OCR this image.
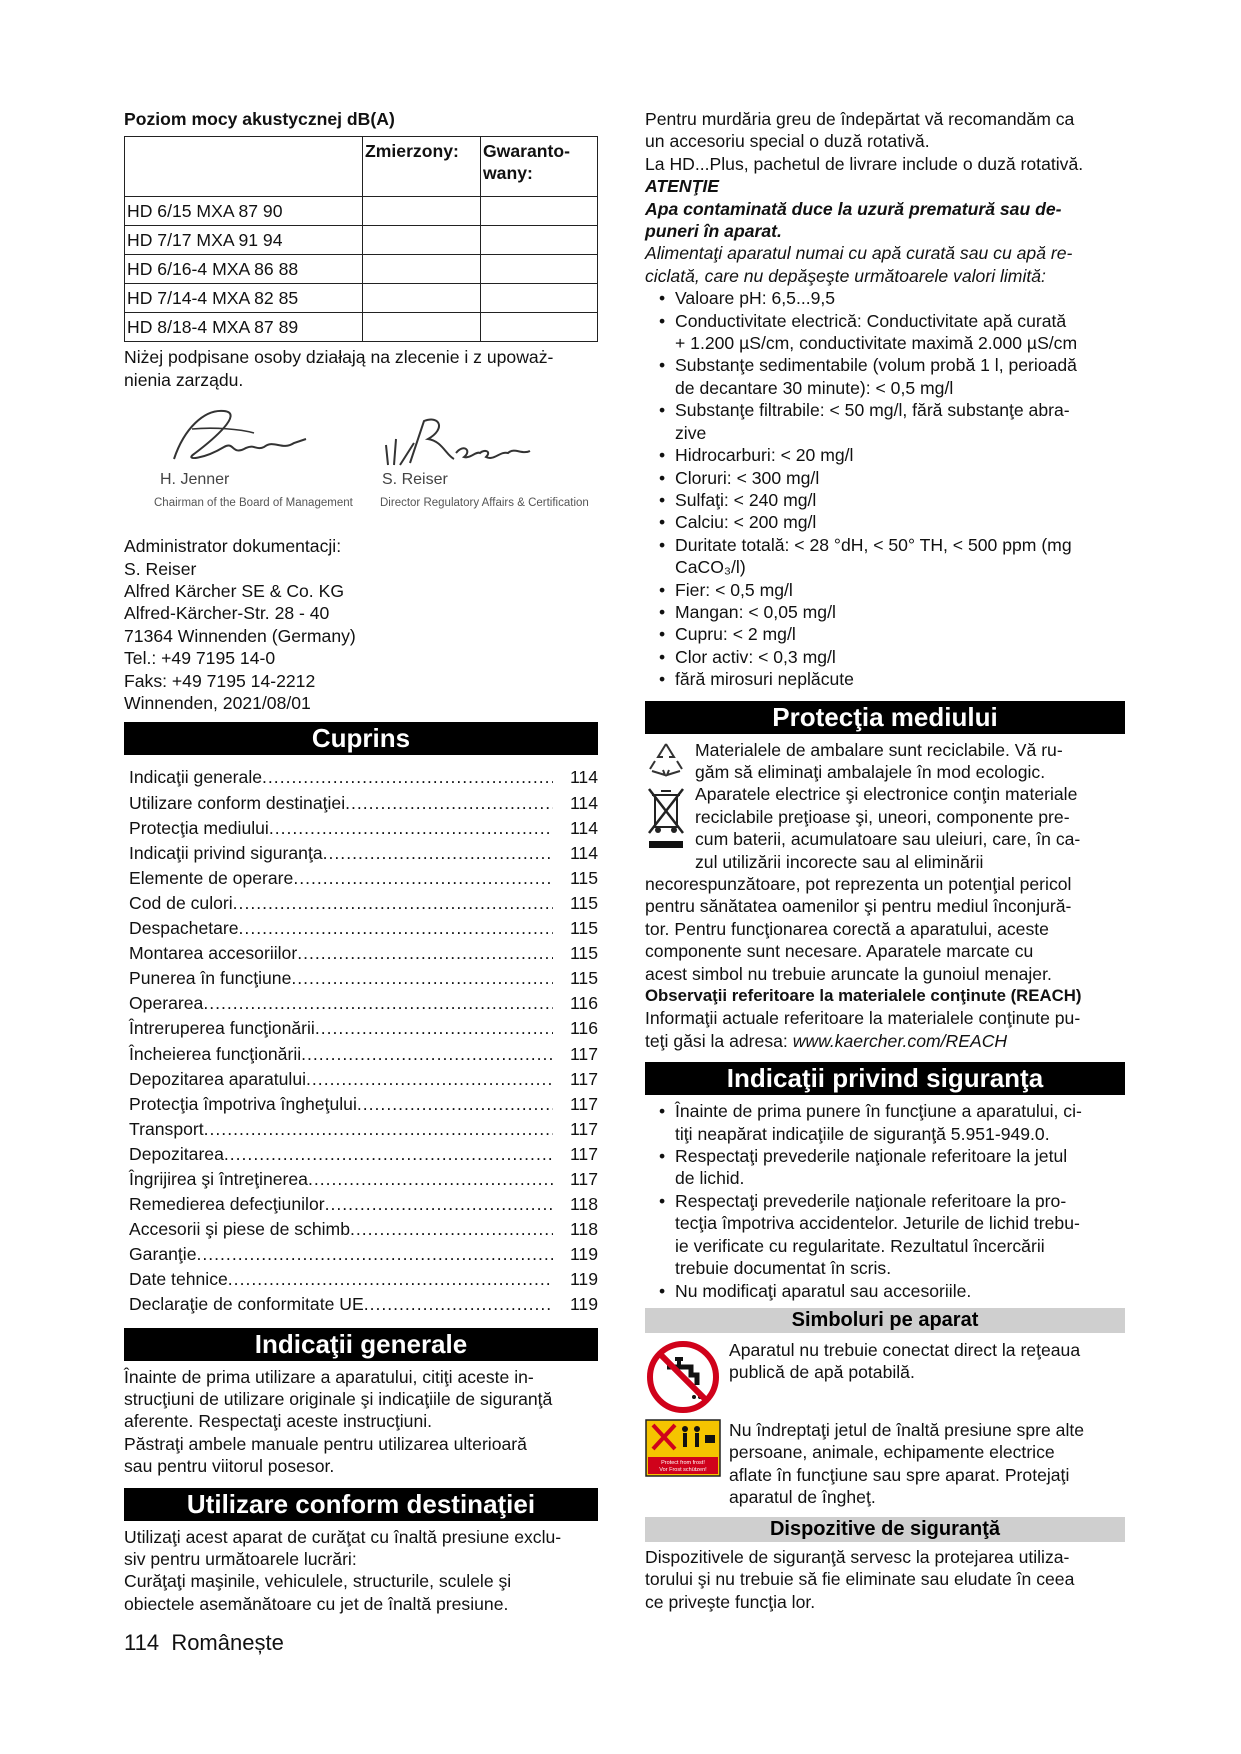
Poziom mocy akustycznej dB(A)

	Zmierzony:	Gwaranto-
wany:
HD 6/15 MXA 87 90		
HD 7/17 MXA 91 94		
HD 6/16-4 MXA 86 88		
HD 7/14-4 MXA 82 85		
HD 8/18-4 MXA 87 89		

Niżej podpisane osoby działają na zlecenie i z upoważ-

nienia zarządu.

H. Jenner
Chairman of the Board of Management
S. Reiser
Director Regulatory Affairs & Certification

Administrator dokumentacji:

S. Reiser

Alfred Kärcher SE & Co. KG

Alfred-Kärcher-Str. 28 - 40

71364 Winnenden (Germany)

Tel.: +49 7195 14-0

Faks: +49 7195 14-2212

Winnenden, 2021/08/01

Cuprins
Indicaţii generale .....	114
Utilizare conform destinaţiei .....	114
Protecţia mediului .....	114
Indicaţii privind siguranţa .....	114
Elemente de operare .....	115
Cod de culori .....	115
Despachetare .....	115
Montarea accesoriilor .....	115
Punerea în funcţiune .....	115
Operarea .....	116
Întreruperea funcţionării .....	116
Încheierea funcţionării .....	117
Depozitarea aparatului .....	117
Protecţia împotriva îngheţului .....	117
Transport .....	117
Depozitarea .....	117
Îngrijirea şi întreţinerea .....	117
Remedierea defecţiunilor .....	118
Accesorii şi piese de schimb .....	118
Garanţie .....	119
Date tehnice .....	119
Declaraţie de conformitate UE .....	119
Indicaţii generale

Înainte de prima utilizare a aparatului, citiţi aceste in-

strucţiuni de utilizare originale şi indicaţiile de siguranţă

aferente. Respectaţi aceste instrucţiuni.

Păstraţi ambele manuale pentru utilizarea ulterioară

sau pentru viitorul posesor.

Utilizare conform destinaţiei

Utilizaţi acest aparat de curăţat cu înaltă presiune exclu-

siv pentru următoarele lucrări:

Curăţaţi maşinile, vehiculele, structurile, sculele şi

obiectele asemănătoare cu jet de înaltă presiune.

Pentru murdăria greu de îndepărtat vă recomandăm ca

un accesoriu special o duză rotativă.

La HD...Plus, pachetul de livrare include o duză rotativă.

ATENŢIE

Apa contaminată duce la uzură prematură sau de-

puneri în aparat.

Alimentaţi aparatul numai cu apă curată sau cu apă re-

ciclată, care nu depăşeşte următoarele valori limită:

• Valoare pH: 6,5...9,5
• Conductivitate electrică: Conductivitate apă curată
+ 1.200 µS/cm, conductivitate maximă 2.000 µS/cm
• Substanţe sedimentabile (volum probă 1 l, perioadă
de decantare 30 minute): < 0,5 mg/l
• Substanţe filtrabile: < 50 mg/l, fără substanţe abra-
zive
• Hidrocarburi: < 20 mg/l
• Cloruri: < 300 mg/l
• Sulfaţi: < 240 mg/l
• Calciu: < 200 mg/l
• Duritate totală: < 28 °dH, < 50° TH, < 500 ppm (mg
CaCO₃/l)
• Fier: < 0,5 mg/l
• Mangan: < 0,05 mg/l
• Cupru: < 2 mg/l
• Clor activ: < 0,3 mg/l
• fără mirosuri neplăcute
Protecţia mediului

Materialele de ambalare sunt reciclabile. Vă ru-

găm să eliminaţi ambalajele în mod ecologic.

Aparatele electrice şi electronice conţin materiale

reciclabile preţioase şi, uneori, componente pre-

cum baterii, acumulatoare sau uleiuri, care, în ca-

zul utilizării incorecte sau al eliminării

necorespunzătoare, pot reprezenta un potenţial pericol

pentru sănătatea oamenilor şi pentru mediul înconjură-

tor. Pentru funcţionarea corectă a aparatului, aceste

componente sunt necesare. Aparatele marcate cu

acest simbol nu trebuie aruncate la gunoiul menajer.

Observaţii referitoare la materialele conţinute (REACH)

Informaţii actuale referitoare la materialele conţinute pu-

teţi găsi la adresa: www.kaercher.com/REACH

Indicaţii privind siguranţa
• Înainte de prima punere în funcţiune a aparatului, ci-
tiţi neapărat indicaţiile de siguranţă 5.951-949.0.
• Respectaţi prevederile naţionale referitoare la jetul
de lichid.
• Respectaţi prevederile naţionale referitoare la pro-
tecţia împotriva accidentelor. Jeturile de lichid trebu-
ie verificate cu regularitate. Rezultatul încercării
trebuie documentat în scris.
• Nu modificaţi aparatul sau accesoriile.
Simboluri pe aparat

Aparatul nu trebuie conectat direct la reţeaua

publică de apă potabilă.

Protect from frost!
Vor Frost schützen!

Nu îndreptaţi jetul de înaltă presiune spre alte

persoane, animale, echipamente electrice

aflate în funcţiune sau spre aparat. Protejaţi

aparatul de îngheţ.

Dispozitive de siguranţă

Dispozitivele de siguranţă servesc la protejarea utiliza-

torului şi nu trebuie să fie eliminate sau eludate în ceea

ce priveşte funcţia lor.

114 Românește
